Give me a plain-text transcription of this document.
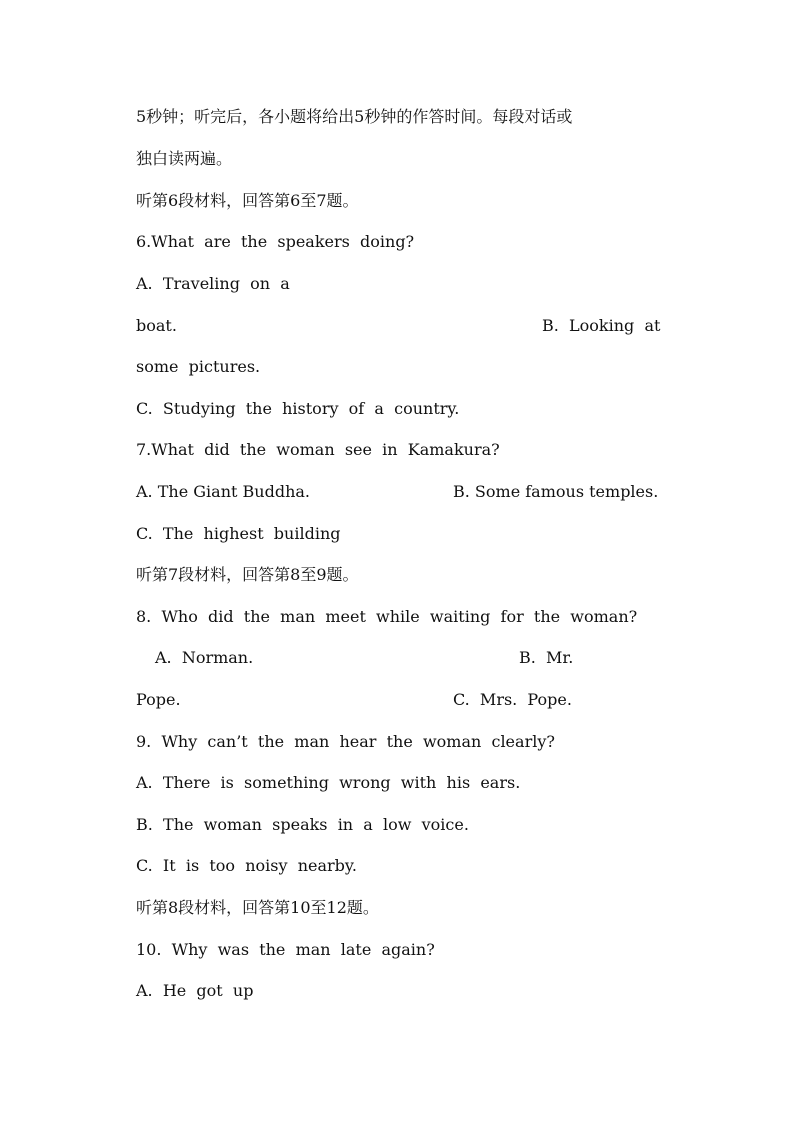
5秒钟；听完后，各小题将给出5秒钟的作答时间。每段对话或
独白读两遍。
听第6段材料，回答第6至7题。
6.What  are  the  speakers  doing?
A.  Traveling  on  a
boat.	B.  Looking  at
some  pictures.
C.  Studying  the  history  of  a  country.
7.What  did  the  woman  see  in  Kamakura?
A. The Giant Buddha.	B. Some famous temples.
C.  The  highest  building
听第7段材料，回答第8至9题。
8.  Who  did  the  man  meet  while  waiting  for  the  woman?
A.  Norman.	B.  Mr.
Pope.	C.  Mrs.  Pope.
9.  Why  can’t  the  man  hear  the  woman  clearly?
A.  There  is  something  wrong  with  his  ears.
B.  The  woman  speaks  in  a  low  voice.
C.  It  is  too  noisy  nearby.
听第8段材料，回答第10至12题。
10.  Why  was  the  man  late  again?
A.  He  got  up
